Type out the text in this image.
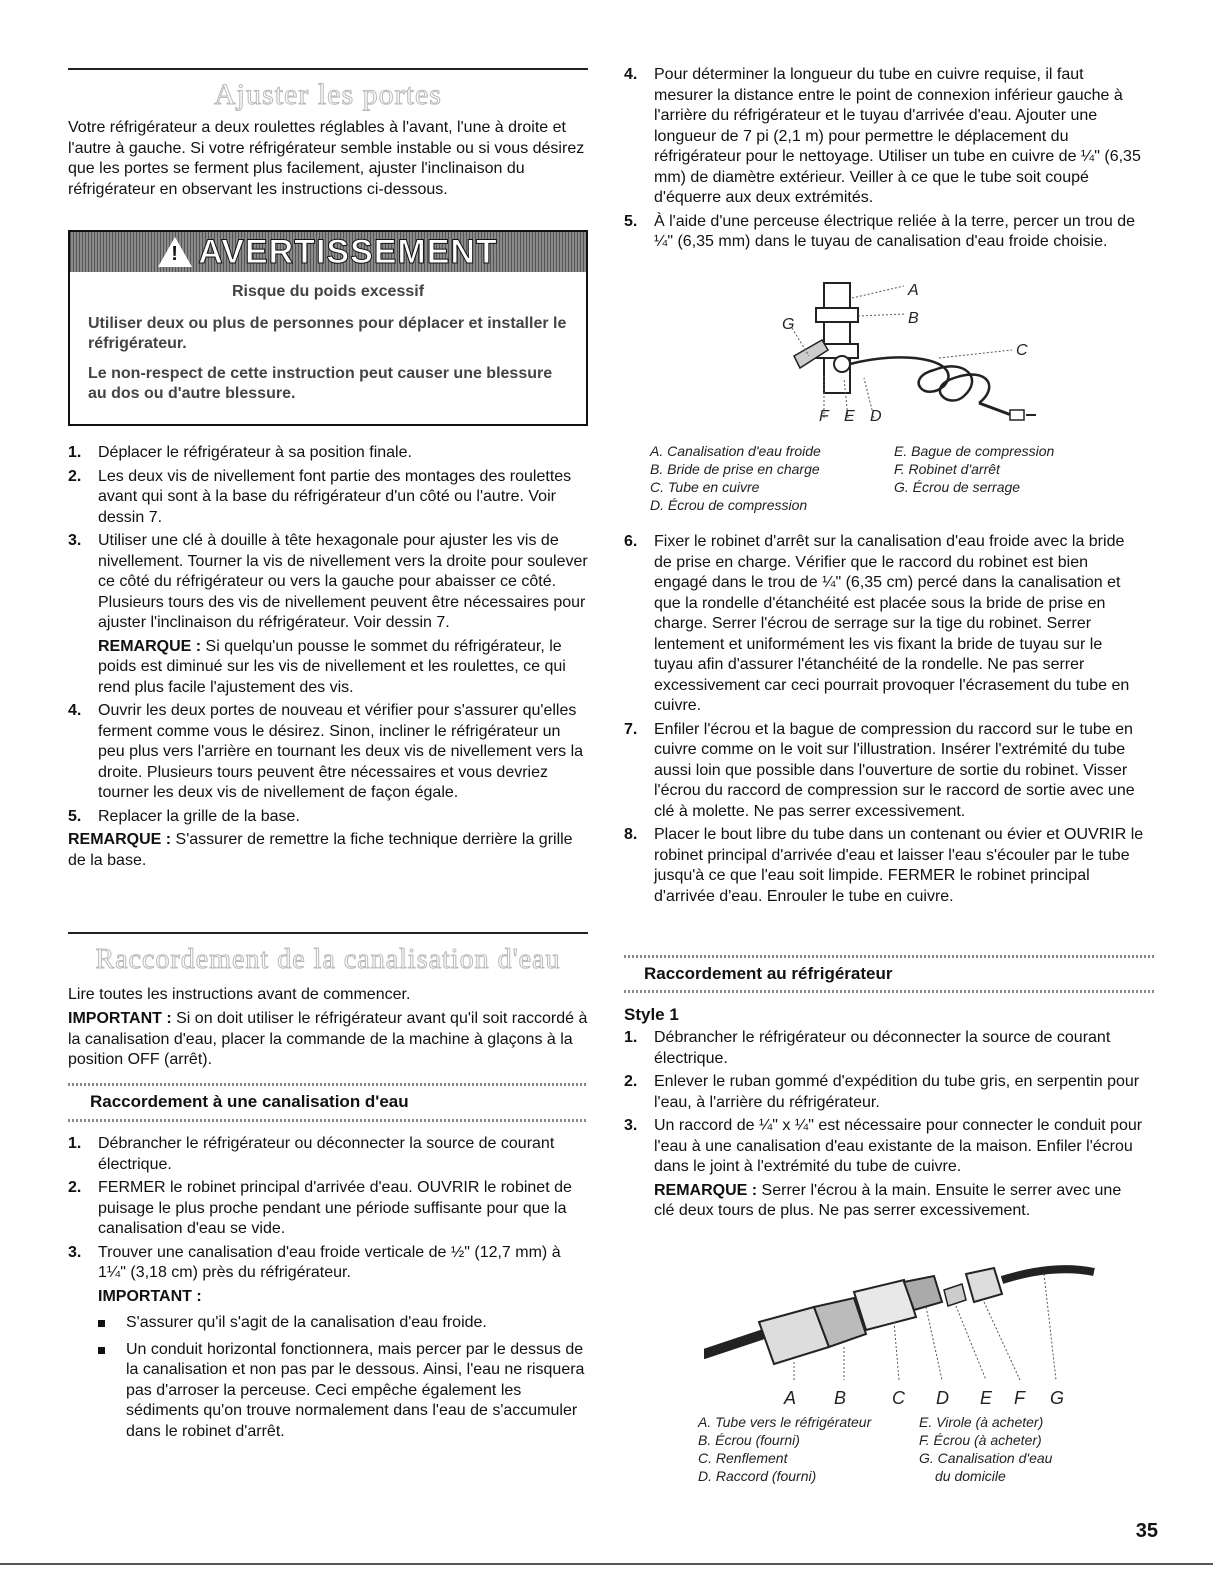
Ajuster les portes

Votre réfrigérateur a deux roulettes réglables à l'avant, l'une à droite et l'autre à gauche. Si votre réfrigérateur semble instable ou si vous désirez que les portes se ferment plus facilement, ajuster l'inclinaison du réfrigérateur en observant les instructions ci-dessous.

! AVERTISSEMENT

Risque du poids excessif

Utiliser deux ou plus de personnes pour déplacer et installer le réfrigérateur.

Le non-respect de cette instruction peut causer une blessure au dos ou d'autre blessure.

1. Déplacer le réfrigérateur à sa position finale.
2. Les deux vis de nivellement font partie des montages des roulettes avant qui sont à la base du réfrigérateur d'un côté ou l'autre. Voir dessin 7.
3. Utiliser une clé à douille à tête hexagonale pour ajuster les vis de nivellement. Tourner la vis de nivellement vers la droite pour soulever ce côté du réfrigérateur ou vers la gauche pour abaisser ce côté. Plusieurs tours des vis de nivellement peuvent être nécessaires pour ajuster l'inclinaison du réfrigérateur. Voir dessin 7.

REMARQUE : Si quelqu'un pousse le sommet du réfrigérateur, le poids est diminué sur les vis de nivellement et les roulettes, ce qui rend plus facile l'ajustement des vis.

4. Ouvrir les deux portes de nouveau et vérifier pour s'assurer qu'elles ferment comme vous le désirez. Sinon, incliner le réfrigérateur un peu plus vers l'arrière en tournant les deux vis de nivellement vers la droite. Plusieurs tours peuvent être nécessaires et vous devriez tourner les deux vis de nivellement de façon égale.
5. Replacer la grille de la base.

REMARQUE : S'assurer de remettre la fiche technique derrière la grille de la base.

Raccordement de la canalisation d'eau

Lire toutes les instructions avant de commencer.

IMPORTANT : Si on doit utiliser le réfrigérateur avant qu'il soit raccordé à la canalisation d'eau, placer la commande de la machine à glaçons à la position OFF (arrêt).

Raccordement à une canalisation d'eau
1. Débrancher le réfrigérateur ou déconnecter la source de courant électrique.
2. FERMER le robinet principal d'arrivée d'eau. OUVRIR le robinet de puisage le plus proche pendant une période suffisante pour que la canalisation d'eau se vide.
3. Trouver une canalisation d'eau froide verticale de ½" (12,7 mm) à 1¼" (3,18 cm) près du réfrigérateur.

IMPORTANT :

S'assurer qu'il s'agit de la canalisation d'eau froide.
Un conduit horizontal fonctionnera, mais percer par le dessus de la canalisation et non pas par le dessous. Ainsi, l'eau ne risquera pas d'arroser la perceuse. Ceci empêche également les sédiments qu'on trouve normalement dans l'eau de s'accumuler dans le robinet d'arrêt.
4. Pour déterminer la longueur du tube en cuivre requise, il faut mesurer la distance entre le point de connexion inférieur gauche à l'arrière du réfrigérateur et le tuyau d'arrivée d'eau. Ajouter une longueur de 7 pi (2,1 m) pour permettre le déplacement du réfrigérateur pour le nettoyage. Utiliser un tube en cuivre de ¼" (6,35 mm) de diamètre extérieur. Veiller à ce que le tube soit coupé d'équerre aux deux extrémités.
5. À l'aide d'une perceuse électrique reliée à la terre, percer un trou de ¼" (6,35 mm) dans le tuyau de canalisation d'eau froide choisie.
A
B
C
G
F E D
A. Canalisation d'eau froide
B. Bride de prise en charge
C. Tube en cuivre
D. Écrou de compression
E. Bague de compression
F. Robinet d'arrêt
G. Écrou de serrage
6. Fixer le robinet d'arrêt sur la canalisation d'eau froide avec la bride de prise en charge. Vérifier que le raccord du robinet est bien engagé dans le trou de ¼" (6,35 cm) percé dans la canalisation et que la rondelle d'étanchéité est placée sous la bride de prise en charge. Serrer l'écrou de serrage sur la tige du robinet. Serrer lentement et uniformément les vis fixant la bride de tuyau sur le tuyau afin d'assurer l'étanchéité de la rondelle. Ne pas serrer excessivement car ceci pourrait provoquer l'écrasement du tube en cuivre.
7. Enfiler l'écrou et la bague de compression du raccord sur le tube en cuivre comme on le voit sur l'illustration. Insérer l'extrémité du tube aussi loin que possible dans l'ouverture de sortie du robinet. Visser l'écrou du raccord de compression sur le raccord de sortie avec une clé à molette. Ne pas serrer excessivement.
8. Placer le bout libre du tube dans un contenant ou évier et OUVRIR le robinet principal d'arrivée d'eau et laisser l'eau s'écouler par le tube jusqu'à ce que l'eau soit limpide. FERMER le robinet principal d'arrivée d'eau. Enrouler le tube en cuivre.
Raccordement au réfrigérateur
Style 1
1. Débrancher le réfrigérateur ou déconnecter la source de courant électrique.
2. Enlever le ruban gommé d'expédition du tube gris, en serpentin pour l'eau, à l'arrière du réfrigérateur.
3. Un raccord de ¼" x ¼" est nécessaire pour connecter le conduit pour l'eau à une canalisation d'eau existante de la maison. Enfiler l'écrou dans le joint à l'extrémité du tube de cuivre.

REMARQUE : Serrer l'écrou à la main. Ensuite le serrer avec une clé deux tours de plus. Ne pas serrer excessivement.

A B	C D E F G
A. Tube vers le réfrigérateur
B. Écrou (fourni)
C. Renflement
D. Raccord (fourni)
E. Virole (à acheter)
F. Écrou (à acheter)
G. Canalisation d'eau
du domicile
35
